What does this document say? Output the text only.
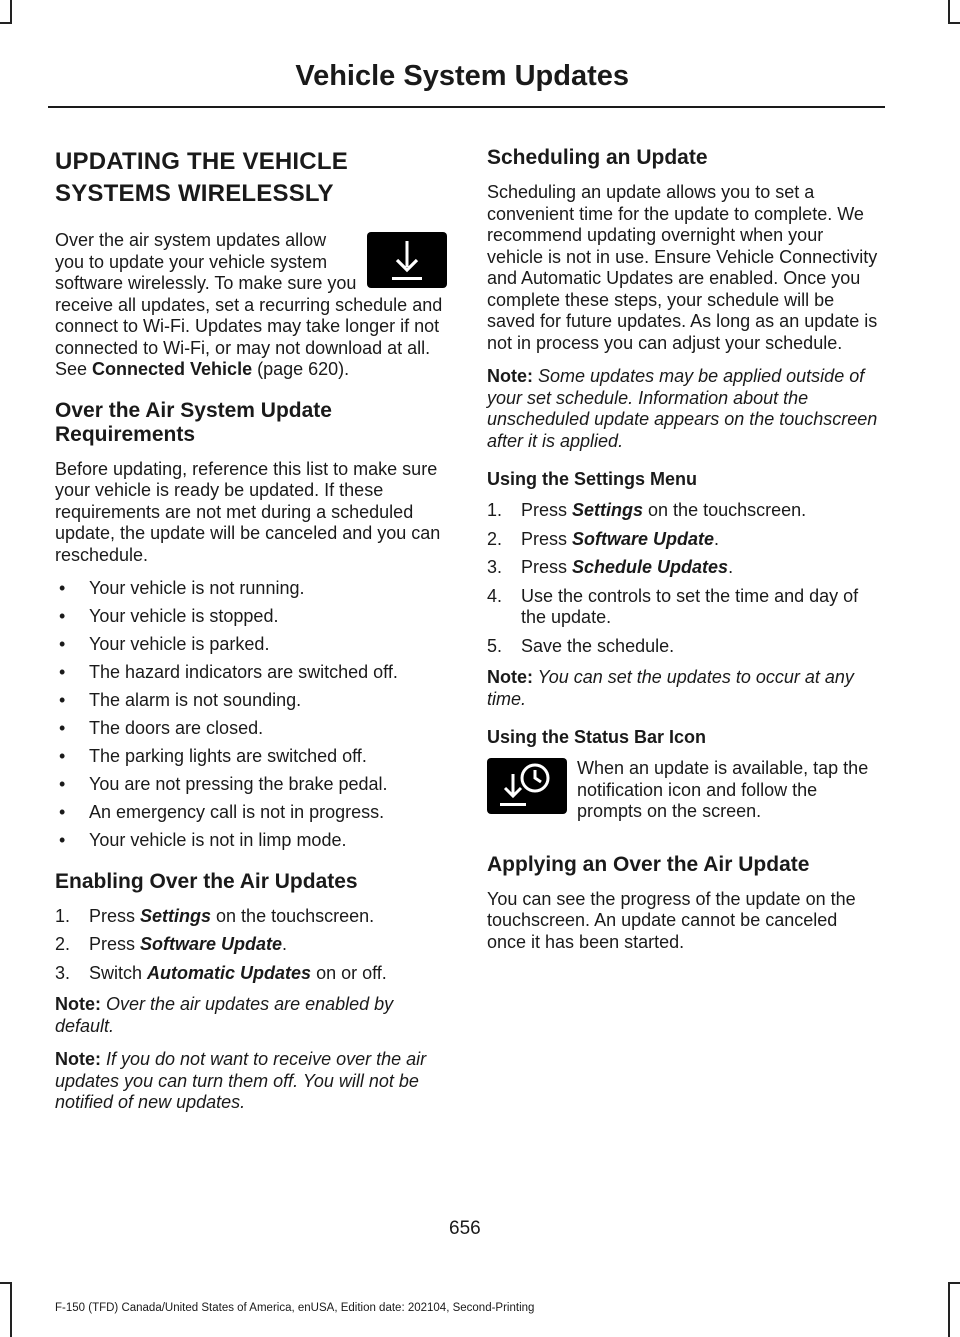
Vehicle System Updates
UPDATING THE VEHICLE
SYSTEMS WIRELESSLY

Over the air system updates allow you to update your vehicle system software wirelessly. To make sure you receive all updates, set a recurring schedule and connect to Wi-Fi. Updates may take longer if not connected to Wi-Fi, or may not download at all. See Connected Vehicle (page 620).

Over the Air System Update Requirements

Before updating, reference this list to make sure your vehicle is ready be updated. If these requirements are not met during a scheduled update, the update will be canceled and you can reschedule.

• Your vehicle is not running.
• Your vehicle is stopped.
• Your vehicle is parked.
• The hazard indicators are switched off.
• The alarm is not sounding.
• The doors are closed.
• The parking lights are switched off.
• You are not pressing the brake pedal.
• An emergency call is not in progress.
• Your vehicle is not in limp mode.
Enabling Over the Air Updates
1. Press Settings on the touchscreen.
2. Press Software Update.
3. Switch Automatic Updates on or off.

Note: Over the air updates are enabled by default.

Note: If you do not want to receive over the air updates you can turn them off. You will not be notified of new updates.

Scheduling an Update

Scheduling an update allows you to set a convenient time for the update to complete. We recommend updating overnight when your vehicle is not in use. Ensure Vehicle Connectivity and Automatic Updates are enabled. Once you complete these steps, your schedule will be saved for future updates. As long as an update is not in process you can adjust your schedule.

Note: Some updates may be applied outside of your set schedule. Information about the unscheduled update appears on the touchscreen after it is applied.

Using the Settings Menu
1. Press Settings on the touchscreen.
2. Press Software Update.
3. Press Schedule Updates.
4. Use the controls to set the time and day of the update.
5. Save the schedule.

Note: You can set the updates to occur at any time.

Using the Status Bar Icon

When an update is available, tap the notification icon and follow the prompts on the screen.

Applying an Over the Air Update

You can see the progress of the update on the touchscreen. An update cannot be canceled once it has been started.

656
F-150 (TFD) Canada/United States of America, enUSA, Edition date: 202104, Second-Printing
